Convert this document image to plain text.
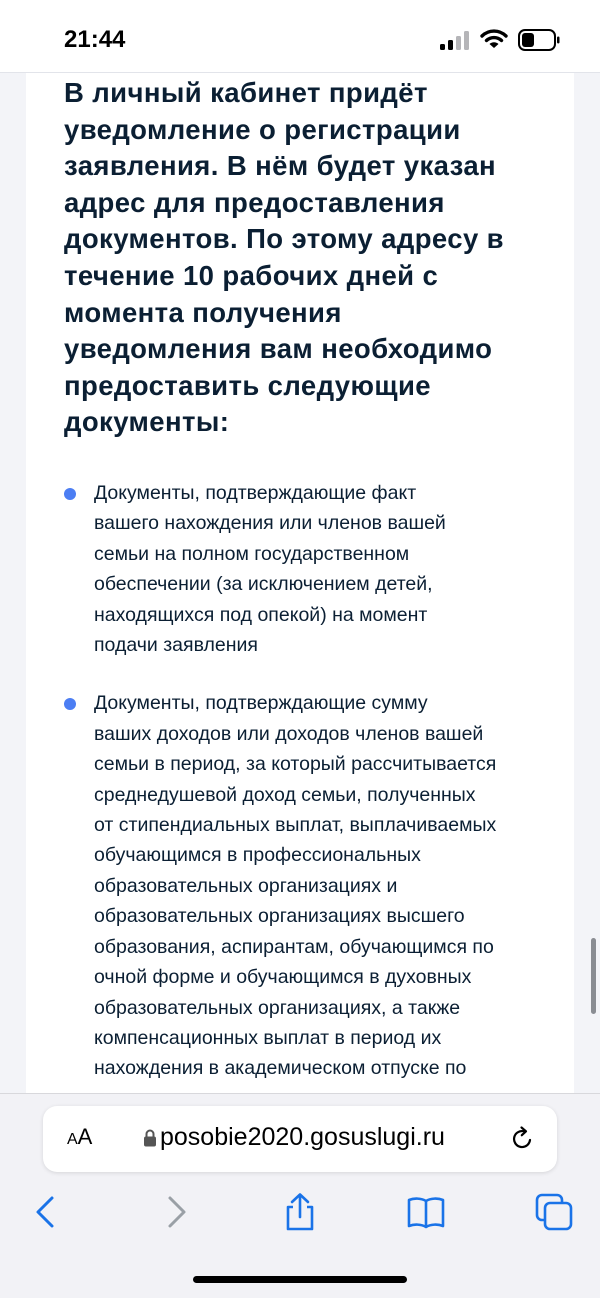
21:44
В личный кабинет придёт
уведомление о регистрации
заявления. В нём будет указан
адрес для предоставления
документов. По этому адресу в
течение 10 рабочих дней с
момента получения
уведомления вам необходимо
предоставить следующие
документы:

Документы, подтверждающие факт
вашего нахождения или членов вашей
семьи на полном государственном
обеспечении (за исключением детей,
находящихся под опекой) на момент
подачи заявления

Документы, подтверждающие сумму
ваших доходов или доходов членов вашей
семьи в период, за который рассчитывается
среднедушевой доход семьи, полученных
от стипендиальных выплат, выплачиваемых
обучающимся в профессиональных
образовательных организациях и
образовательных организациях высшего
образования, аспирантам, обучающимся по
очной форме и обучающимся в духовных
образовательных организациях, а также
компенсационных выплат в период их
нахождения в академическом отпуске по

AA	posobie2020.gosuslugi.ru
